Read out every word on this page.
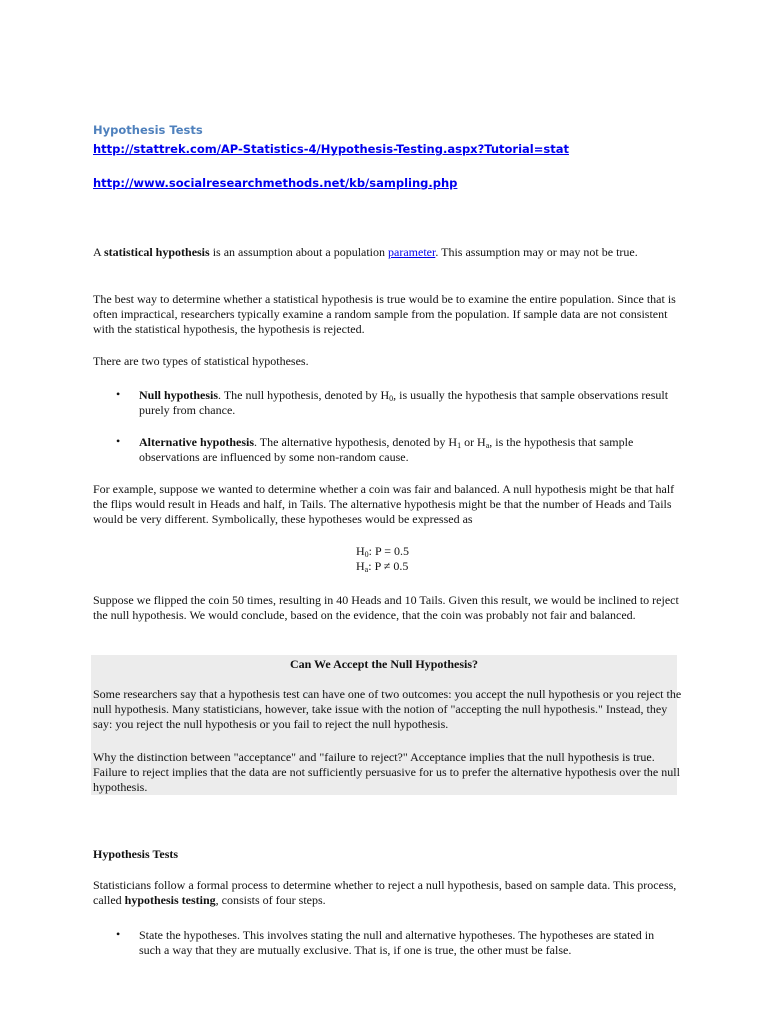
Hypothesis Tests
http://stattrek.com/AP-Statistics-4/Hypothesis-Testing.aspx?Tutorial=stat
http://www.socialresearchmethods.net/kb/sampling.php
A statistical hypothesis is an assumption about a population parameter. This assumption may or may not be true.
The best way to determine whether a statistical hypothesis is true would be to examine the entire population. Since that is often impractical, researchers typically examine a random sample from the population. If sample data are not consistent with the statistical hypothesis, the hypothesis is rejected.
There are two types of statistical hypotheses.
• Null hypothesis. The null hypothesis, denoted by $H_0$, is usually the hypothesis that sample observations result purely from chance.
• Alternative hypothesis. The alternative hypothesis, denoted by $H_1$ or $H_a$, is the hypothesis that sample observations are influenced by some non-random cause.
For example, suppose we wanted to determine whether a coin was fair and balanced. A null hypothesis might be that half the flips would result in Heads and half, in Tails. The alternative hypothesis might be that the number of Heads and Tails would be very different. Symbolically, these hypotheses would be expressed as
$H_0$: P = 0.5
$H_a$: P ≠ 0.5
Suppose we flipped the coin 50 times, resulting in 40 Heads and 10 Tails. Given this result, we would be inclined to reject the null hypothesis. We would conclude, based on the evidence, that the coin was probably not fair and balanced.
Can We Accept the Null Hypothesis?
Some researchers say that a hypothesis test can have one of two outcomes: you accept the null hypothesis or you reject the null hypothesis. Many statisticians, however, take issue with the notion of "accepting the null hypothesis." Instead, they say: you reject the null hypothesis or you fail to reject the null hypothesis.
Why the distinction between "acceptance" and "failure to reject?" Acceptance implies that the null hypothesis is true. Failure to reject implies that the data are not sufficiently persuasive for us to prefer the alternative hypothesis over the null hypothesis.
Hypothesis Tests
Statisticians follow a formal process to determine whether to reject a null hypothesis, based on sample data. This process, called hypothesis testing, consists of four steps.
• State the hypotheses. This involves stating the null and alternative hypotheses. The hypotheses are stated in such a way that they are mutually exclusive. That is, if one is true, the other must be false.
